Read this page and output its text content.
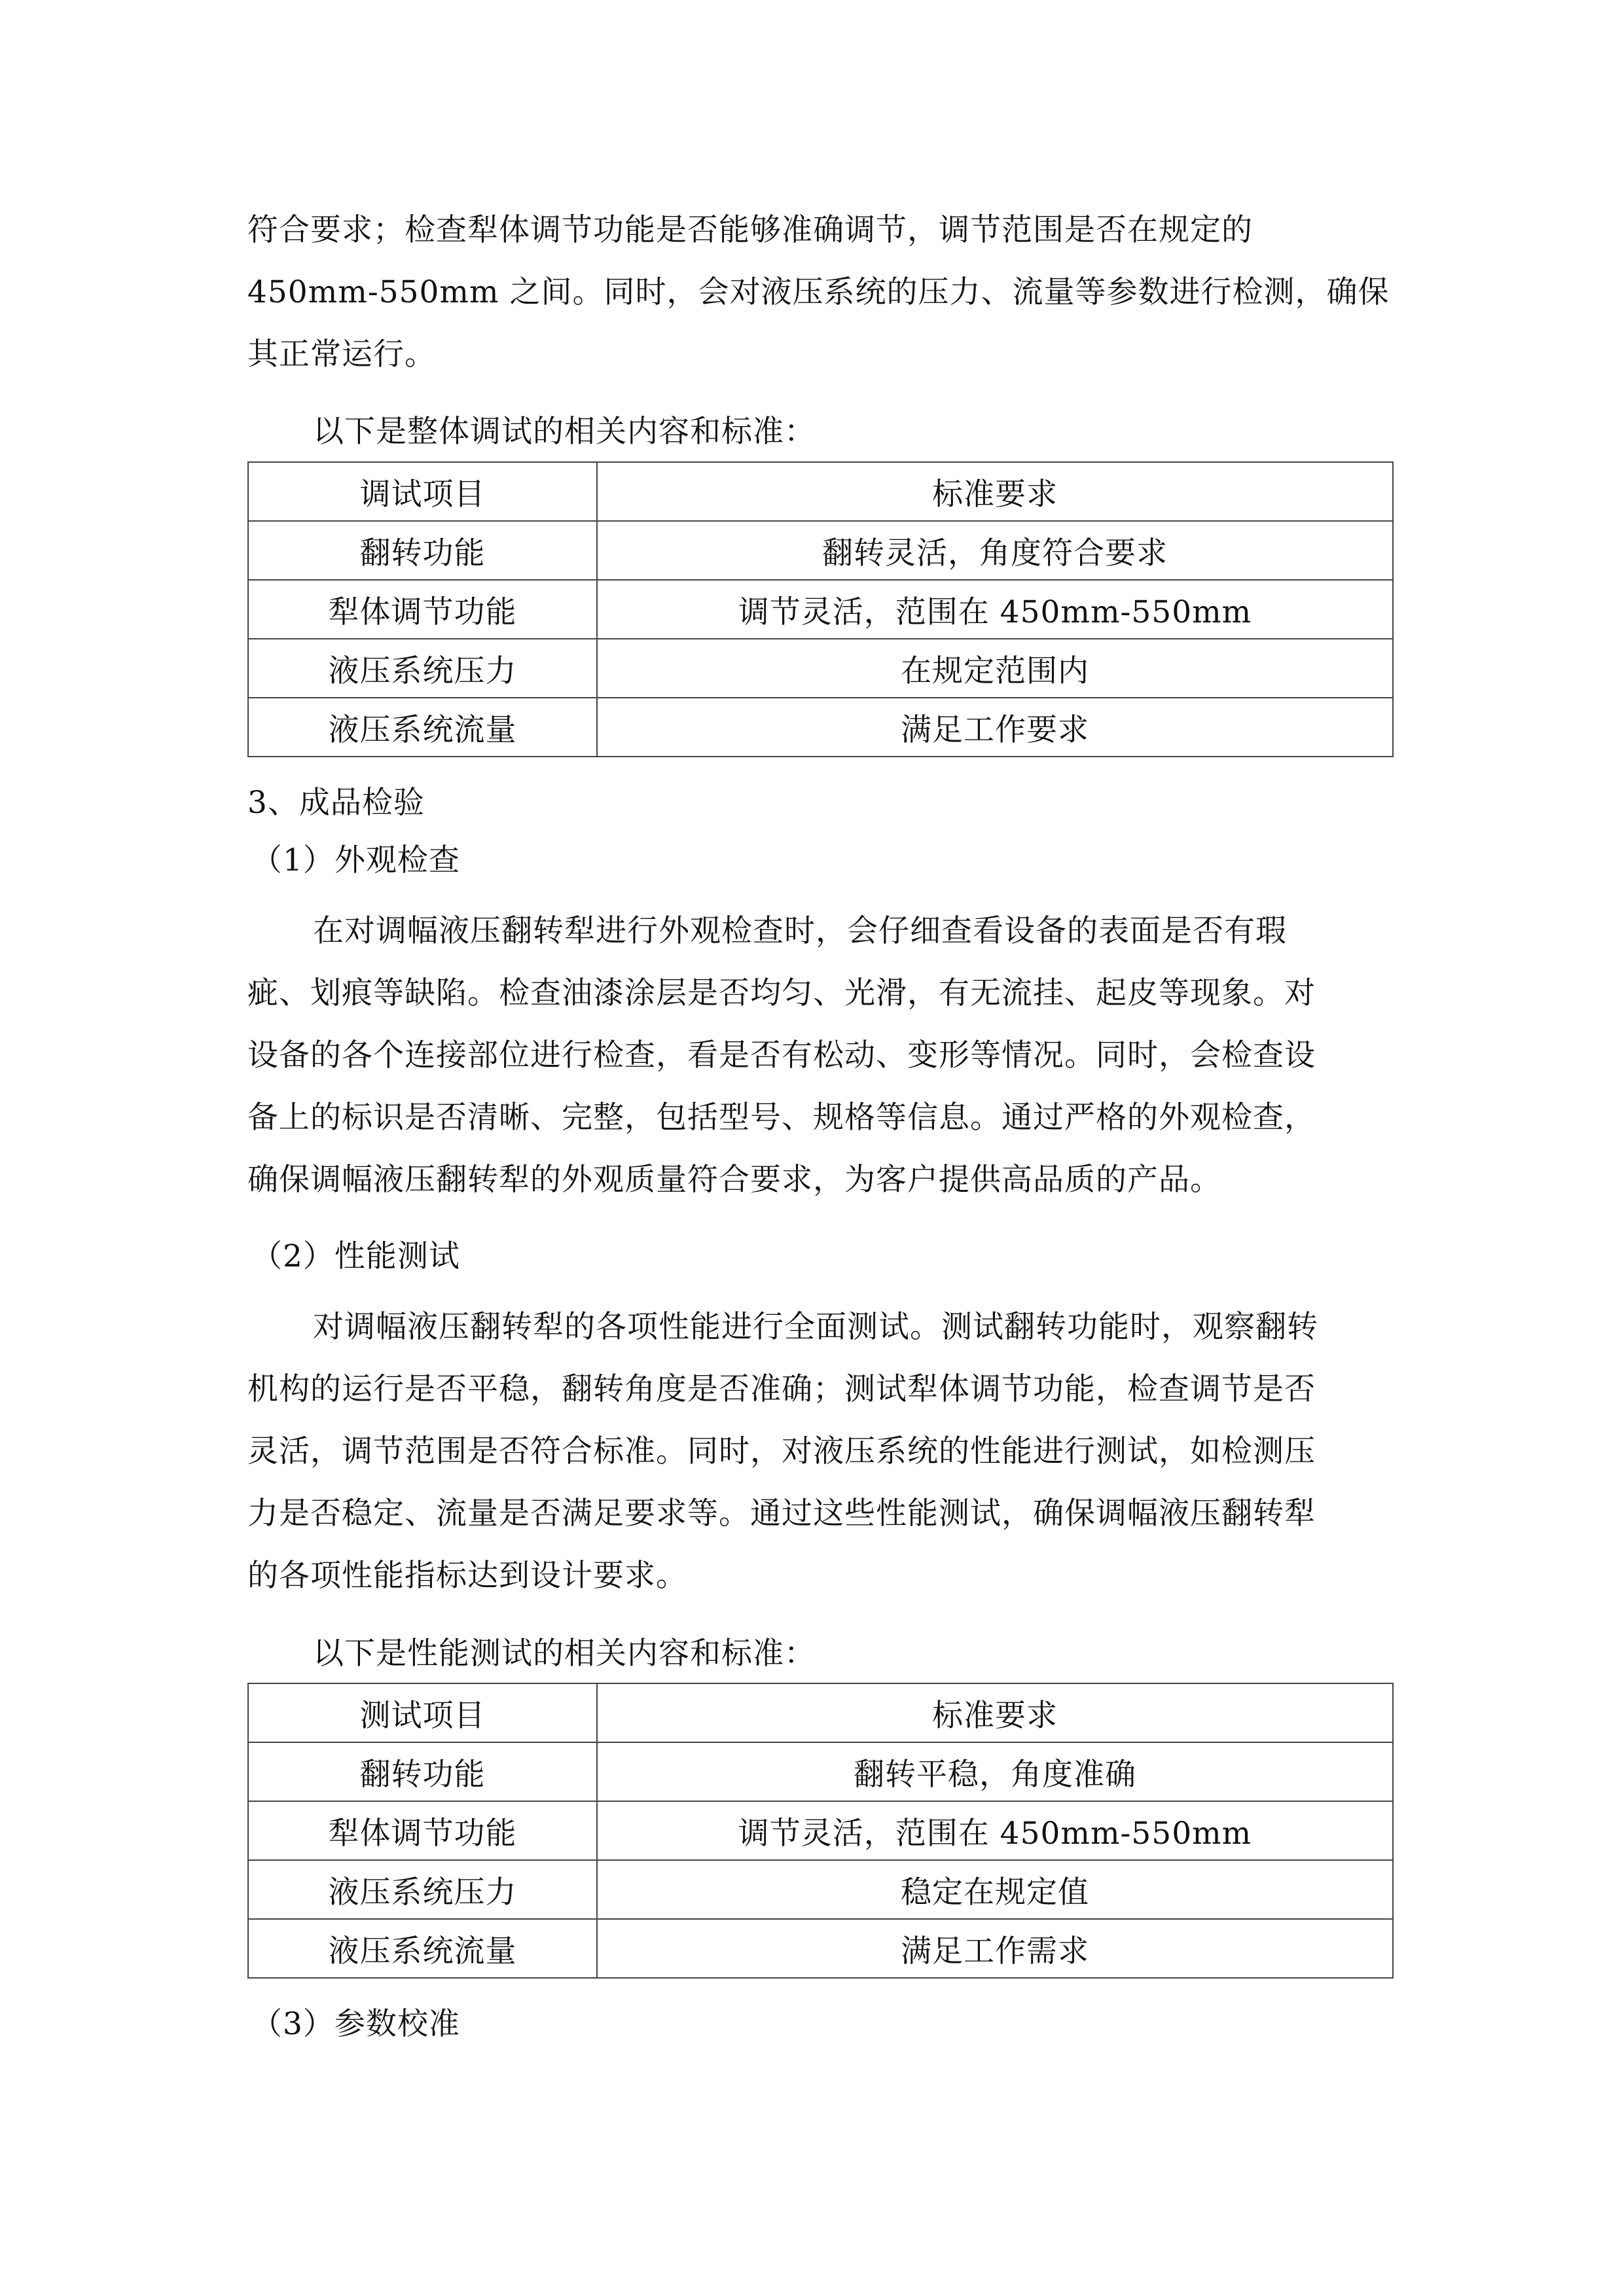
符合要求；检查犁体调节功能是否能够准确调节，调节范围是否在规定的
450mm-550mm 之间。同时，会对液压系统的压力、流量等参数进行检测，确保
其正常运行。
以下是整体调试的相关内容和标准：
调试项目	标准要求
翻转功能	翻转灵活，角度符合要求
犁体调节功能	调节灵活，范围在 450mm-550mm
液压系统压力	在规定范围内
液压系统流量	满足工作要求
3、成品检验
（1）外观检查
在对调幅液压翻转犁进行外观检查时，会仔细查看设备的表面是否有瑕
疵、划痕等缺陷。检查油漆涂层是否均匀、光滑，有无流挂、起皮等现象。对
设备的各个连接部位进行检查，看是否有松动、变形等情况。同时，会检查设
备上的标识是否清晰、完整，包括型号、规格等信息。通过严格的外观检查，
确保调幅液压翻转犁的外观质量符合要求，为客户提供高品质的产品。
（2）性能测试
对调幅液压翻转犁的各项性能进行全面测试。测试翻转功能时，观察翻转
机构的运行是否平稳，翻转角度是否准确；测试犁体调节功能，检查调节是否
灵活，调节范围是否符合标准。同时，对液压系统的性能进行测试，如检测压
力是否稳定、流量是否满足要求等。通过这些性能测试，确保调幅液压翻转犁
的各项性能指标达到设计要求。
以下是性能测试的相关内容和标准：
测试项目	标准要求
翻转功能	翻转平稳，角度准确
犁体调节功能	调节灵活，范围在 450mm-550mm
液压系统压力	稳定在规定值
液压系统流量	满足工作需求
（3）参数校准
